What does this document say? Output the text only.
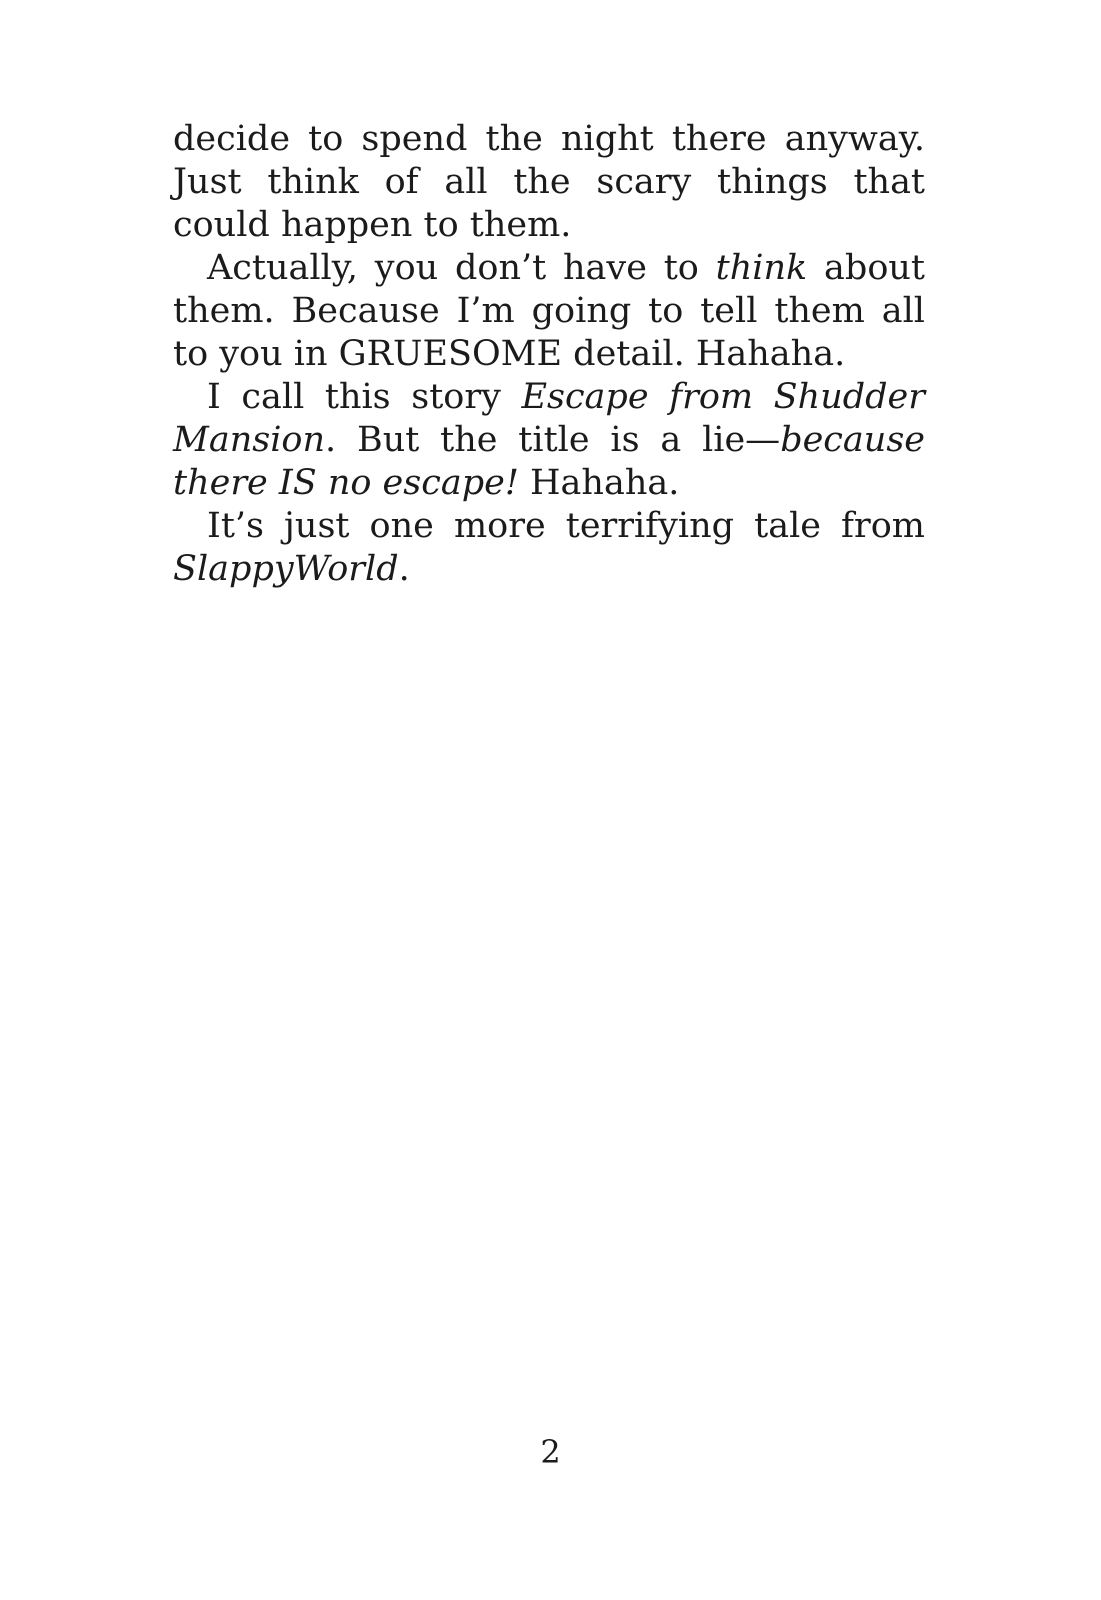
decide to spend the night there anyway. Just think of all the scary things that could happen to them.

Actually, you don’t have to think about them. Because I’m going to tell them all to you in GRUESOME detail. Hahaha.

I call this story Escape from Shudder Mansion. But the title is a lie—because there IS no escape! Hahaha.

It’s just one more terrifying tale from SlappyWorld.

2
